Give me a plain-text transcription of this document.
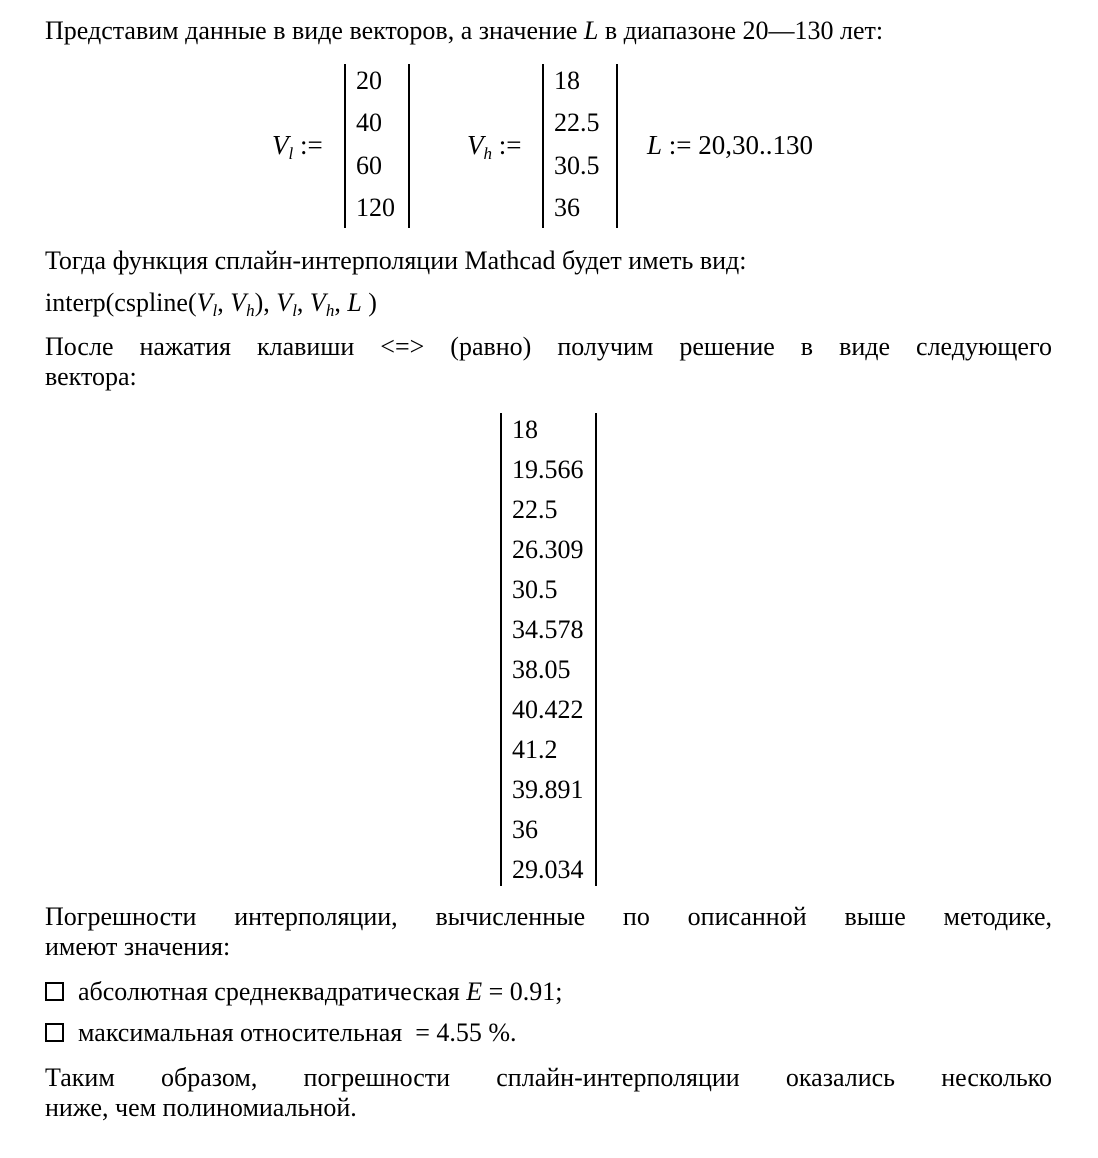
Представим данные в виде векторов, а значение L в диапазоне 20—130 лет:
$V_l$ :=
20
40
60
120
$V_h$ :=
18
22.5
30.5
36
L := 20,30..130
Тогда функция сплайн-интерполяции Mathcad будет иметь вид:
$interp(cspline(V_l$, $V_h$), $V_l$, $V_h$, L )
После нажатия клавиши <=> (равно) получим решение в виде следующего
вектора:
18
19.566
22.5
26.309
30.5
34.578
38.05
40.422
41.2
39.891
36
29.034
Погрешности интерполяции, вычисленные по описанной выше методике,
имеют значения:
абсолютная среднеквадратическая E = 0.91;
максимальная относительная  = 4.55 %.
Таким образом, погрешности сплайн-интерполяции оказались несколько
ниже, чем полиномиальной.
